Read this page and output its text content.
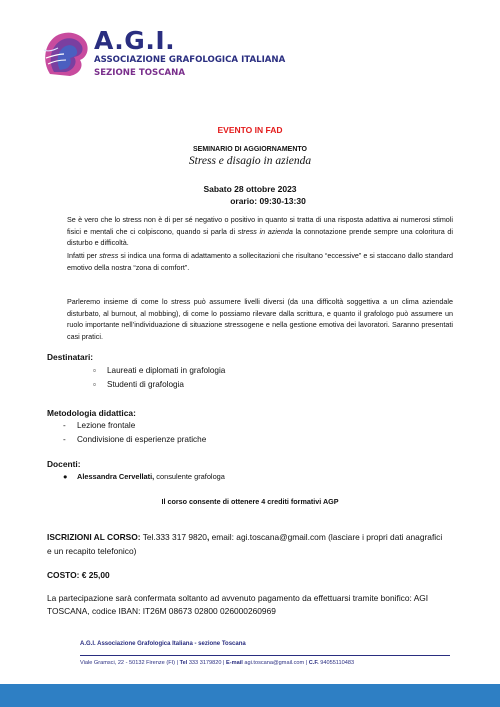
A.G.I.
ASSOCIAZIONE GRAFOLOGICA ITALIANA
SEZIONE TOSCANA
EVENTO IN FAD
SEMINARIO DI AGGIORNAMENTO
Stress e disagio in azienda
Sabato 28 ottobre 2023
orario: 09:30-13:30
Se è vero che lo stress non è di per sé negativo o positivo in quanto si tratta di una risposta adattiva ai numerosi stimoli fisici e mentali che ci colpiscono, quando si parla di stress in azienda la connotazione prende sempre una coloritura di disturbo e difficoltà.
Infatti per stress si indica una forma di adattamento a sollecitazioni che risultano “eccessive” e si staccano dallo standard emotivo della nostra “zona di comfort”.
Parleremo insieme di come lo stress può assumere livelli diversi (da una difficoltà soggettiva a un clima aziendale disturbato, al burnout, al mobbing), di come lo possiamo rilevare dalla scrittura, e quanto il grafologo può assumere un ruolo importante nell’individuazione di situazione stressogene e nella gestione emotiva dei lavoratori. Saranno presentati casi pratici.
Destinatari:
▫ Laureati e diplomati in grafologia
▫ Studenti di grafologia
Metodologia didattica:
- Lezione frontale
- Condivisione di esperienze pratiche
Docenti:
● Alessandra Cervellati, consulente grafologa
Il corso consente di ottenere 4 crediti formativi AGP
ISCRIZIONI AL CORSO: Tel.333 317 9820, email: agi.toscana@gmail.com (lasciare i propri dati anagrafici e un recapito telefonico)
COSTO: € 25,00
La partecipazione sarà confermata soltanto ad avvenuto pagamento da effettuarsi tramite bonifico: AGI TOSCANA, codice IBAN: IT26M 08673 02800 026000260969
A.G.I. Associazione Grafologica Italiana - sezione Toscana
Viale Gramsci, 22 - 50132 Firenze (FI) | Tel 333 3179820 | E-mail agi.toscana@gmail.com | C.F. 94055110483
